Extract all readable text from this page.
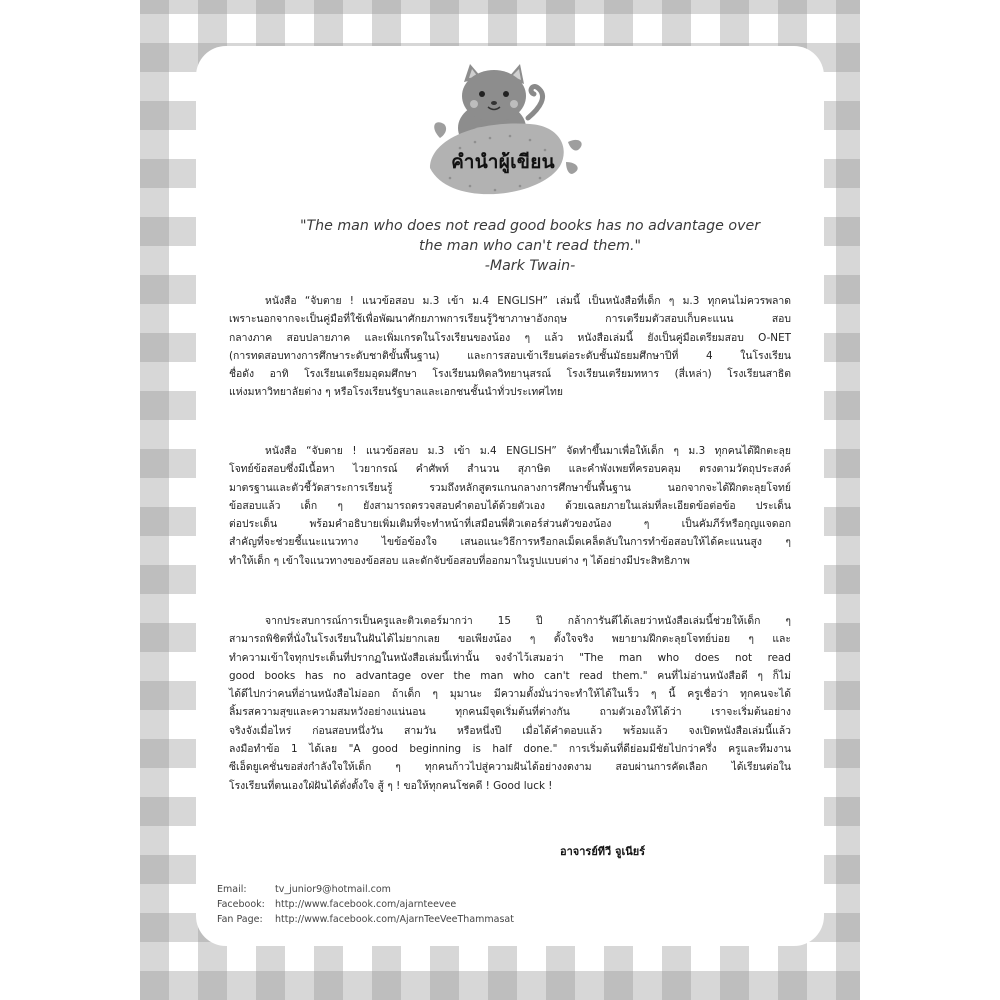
คำนำผู้เขียน
"The man who does not read good books has no advantage over
the man who can't read them."
-Mark Twain-
หนังสือ “จับตาย ! แนวข้อสอบ ม.3 เข้า ม.4 ENGLISH” เล่มนี้ เป็นหนังสือที่เด็ก ๆ ม.3 ทุกคนไม่ควรพลาด
เพราะนอกจากจะเป็นคู่มือที่ใช้เพื่อพัฒนาศักยภาพการเรียนรู้วิชาภาษาอังกฤษ การเตรียมตัวสอบเก็บคะแนน สอบ
กลางภาค สอบปลายภาค และเพิ่มเกรดในโรงเรียนของน้อง ๆ แล้ว หนังสือเล่มนี้ ยังเป็นคู่มือเตรียมสอบ O-NET
(การทดสอบทางการศึกษาระดับชาติขั้นพื้นฐาน) และการสอบเข้าเรียนต่อระดับชั้นมัธยมศึกษาปีที่ 4 ในโรงเรียน
ชื่อดัง อาทิ โรงเรียนเตรียมอุดมศึกษา โรงเรียนมหิดลวิทยานุสรณ์ โรงเรียนเตรียมทหาร (สี่เหล่า) โรงเรียนสาธิต
แห่งมหาวิทยาลัยต่าง ๆ หรือโรงเรียนรัฐบาลและเอกชนชั้นนำทั่วประเทศไทย
หนังสือ “จับตาย ! แนวข้อสอบ ม.3 เข้า ม.4 ENGLISH” จัดทำขึ้นมาเพื่อให้เด็ก ๆ ม.3 ทุกคนได้ฝึกตะลุย
โจทย์ข้อสอบซึ่งมีเนื้อหา ไวยากรณ์ คำศัพท์ สำนวน สุภาษิต และคำพังเพยที่ครอบคลุม ตรงตามวัตถุประสงค์
มาตรฐานและตัวชี้วัดสาระการเรียนรู้ รวมถึงหลักสูตรแกนกลางการศึกษาขั้นพื้นฐาน นอกจากจะได้ฝึกตะลุยโจทย์
ข้อสอบแล้ว เด็ก ๆ ยังสามารถตรวจสอบคำตอบได้ด้วยตัวเอง ด้วยเฉลยภายในเล่มที่ละเอียดข้อต่อข้อ ประเด็น
ต่อประเด็น พร้อมคำอธิบายเพิ่มเติมที่จะทำหน้าที่เสมือนพี่ติวเตอร์ส่วนตัวของน้อง ๆ เป็นคัมภีร์หรือกุญแจดอก
สำคัญที่จะช่วยชี้แนะแนวทาง ไขข้อข้องใจ เสนอแนะวิธีการหรือกลเม็ดเคล็ดลับในการทำข้อสอบให้ได้คะแนนสูง ๆ
ทำให้เด็ก ๆ เข้าใจแนวทางของข้อสอบ และดักจับข้อสอบที่ออกมาในรูปแบบต่าง ๆ ได้อย่างมีประสิทธิภาพ
จากประสบการณ์การเป็นครูและติวเตอร์มากว่า 15 ปี กล้าการันตีได้เลยว่าหนังสือเล่มนี้ช่วยให้เด็ก ๆ
สามารถพิชิตที่นั่งในโรงเรียนในฝันได้ไม่ยากเลย ขอเพียงน้อง ๆ ตั้งใจจริง พยายามฝึกตะลุยโจทย์บ่อย ๆ และ
ทำความเข้าใจทุกประเด็นที่ปรากฏในหนังสือเล่มนี้เท่านั้น จงจำไว้เสมอว่า "The man who does not read
good books has no advantage over the man who can't read them." คนที่ไม่อ่านหนังสือดี ๆ ก็ไม่
ได้ดีไปกว่าคนที่อ่านหนังสือไม่ออก ถ้าเด็ก ๆ มุมานะ มีความตั้งมั่นว่าจะทำให้ได้ในเร็ว ๆ นี้ ครูเชื่อว่า ทุกคนจะได้
ลิ้มรสความสุขและความสมหวังอย่างแน่นอน ทุกคนมีจุดเริ่มต้นที่ต่างกัน ถามตัวเองให้ได้ว่า เราจะเริ่มต้นอย่าง
จริงจังเมื่อไหร่ ก่อนสอบหนึ่งวัน สามวัน หรือหนึ่งปี เมื่อได้คำตอบแล้ว พร้อมแล้ว จงเปิดหนังสือเล่มนี้แล้ว
ลงมือทำข้อ 1 ได้เลย "A good beginning is half done." การเริ่มต้นที่ดีย่อมมีชัยไปกว่าครึ่ง ครูและทีมงาน
ซีเอ็ดยูเคชั่นขอส่งกำลังใจให้เด็ก ๆ ทุกคนก้าวไปสู่ความฝันได้อย่างงดงาม สอบผ่านการคัดเลือก ได้เรียนต่อใน
โรงเรียนที่ตนเองใฝ่ฝันได้ดั่งตั้งใจ สู้ ๆ ! ขอให้ทุกคนโชคดี ! Good luck !
อาจารย์ทีวี จูเนียร์
Email:	tv_junior9@hotmail.com
Facebook:	http://www.facebook.com/ajarnteevee
Fan Page:	http://www.facebook.com/AjarnTeeVeeThammasat
